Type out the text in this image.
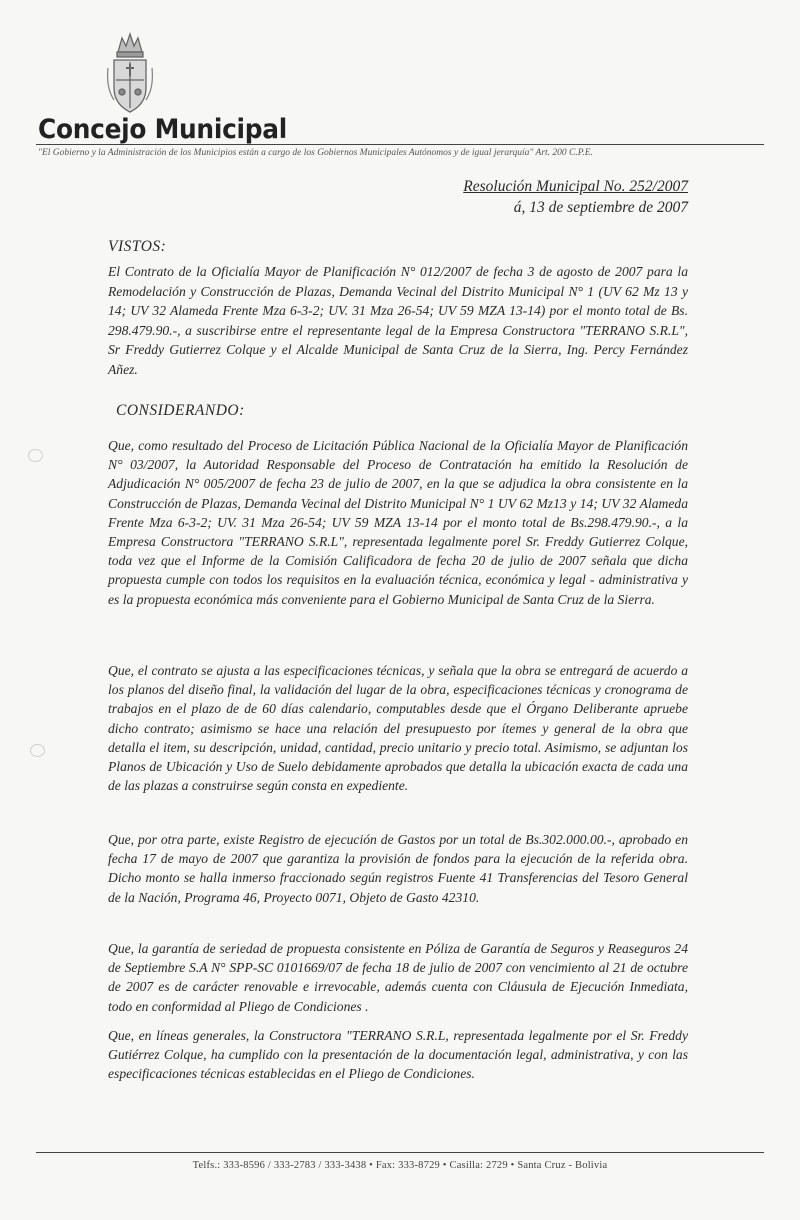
Concejo Municipal
"El Gobierno y la Administración de los Municipios están a cargo de los Gobiernos Municipales Autónomos y de igual jerarquía" Art. 200 C.P.E.
Resolución Municipal No. 252/2007
á, 13 de septiembre de 2007
VISTOS:

El Contrato de la Oficialía Mayor de Planificación N° 012/2007 de fecha 3 de agosto de 2007 para la Remodelación y Construcción de Plazas, Demanda Vecinal del Distrito Municipal N° 1 (UV 62 Mz 13 y 14; UV 32 Alameda Frente Mza 6-3-2; UV. 31 Mza 26-54; UV 59 MZA 13-14) por el monto total de Bs. 298.479.90.-, a suscribirse entre el representante legal de la Empresa Constructora "TERRANO S.R.L", Sr Freddy Gutierrez Colque y el Alcalde Municipal de Santa Cruz de la Sierra, Ing. Percy Fernández Añez.

CONSIDERANDO:

Que, como resultado del Proceso de Licitación Pública Nacional de la Oficialía Mayor de Planificación N° 03/2007, la Autoridad Responsable del Proceso de Contratación ha emitido la Resolución de Adjudicación N° 005/2007 de fecha 23 de julio de 2007, en la que se adjudica la obra consistente en la Construcción de Plazas, Demanda Vecinal del Distrito Municipal N° 1 UV 62 Mz13 y 14; UV 32 Alameda Frente Mza 6-3-2; UV. 31 Mza 26-54; UV 59 MZA 13-14 por el monto total de Bs.298.479.90.-, a la Empresa Constructora "TERRANO S.R.L", representada legalmente porel Sr. Freddy Gutierrez Colque, toda vez que el Informe de la Comisión Calificadora de fecha 20 de julio de 2007 señala que dicha propuesta cumple con todos los requisitos en la evaluación técnica, económica y legal - administrativa y es la propuesta económica más conveniente para el Gobierno Municipal de Santa Cruz de la Sierra.

Que, el contrato se ajusta a las especificaciones técnicas, y señala que la obra se entregará de acuerdo a los planos del diseño final, la validación del lugar de la obra, especificaciones técnicas y cronograma de trabajos en el plazo de de 60 días calendario, computables desde que el Órgano Deliberante apruebe dicho contrato; asimismo se hace una relación del presupuesto por ítemes y general de la obra que detalla el item, su descripción, unidad, cantidad, precio unitario y precio total. Asimismo, se adjuntan los Planos de Ubicación y Uso de Suelo debidamente aprobados que detalla la ubicación exacta de cada una de las plazas a construirse según consta en expediente.

Que, por otra parte, existe Registro de ejecución de Gastos por un total de Bs.302.000.00.-, aprobado en fecha 17 de mayo de 2007 que garantiza la provisión de fondos para la ejecución de la referida obra. Dicho monto se halla inmerso fraccionado según registros Fuente 41 Transferencias del Tesoro General de la Nación, Programa 46, Proyecto 0071, Objeto de Gasto 42310.

Que, la garantía de seriedad de propuesta consistente en Póliza de Garantía de Seguros y Reaseguros 24 de Septiembre S.A N° SPP-SC 0101669/07 de fecha 18 de julio de 2007 con vencimiento al 21 de octubre de 2007 es de carácter renovable e irrevocable, además cuenta con Cláusula de Ejecución Inmediata, todo en conformidad al Pliego de Condiciones .

Que, en líneas generales, la Constructora "TERRANO S.R.L, representada legalmente por el Sr. Freddy Gutiérrez Colque, ha cumplido con la presentación de la documentación legal, administrativa, y con las especificaciones técnicas establecidas en el Pliego de Condiciones.

Telfs.: 333-8596 / 333-2783 / 333-3438 • Fax: 333-8729 • Casilla: 2729 • Santa Cruz - Bolivia
